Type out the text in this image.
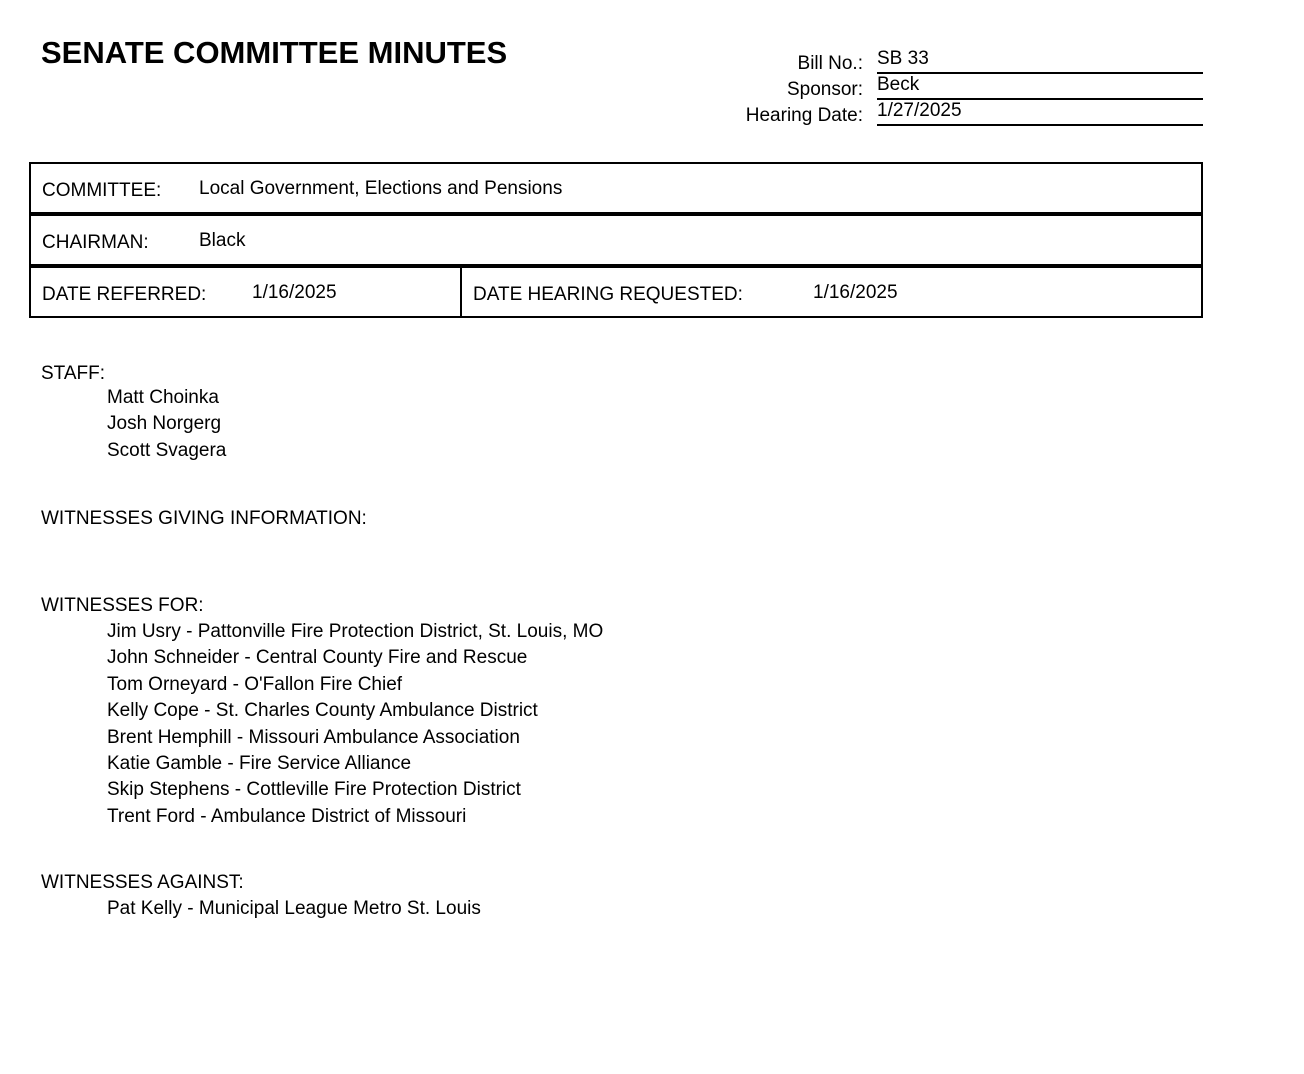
SENATE COMMITTEE MINUTES	Bill No.: SB 33
Sponsor: Beck
Hearing Date: 1/27/2025
COMMITTEE: Local Government, Elections and Pensions
CHAIRMAN:	Black
DATE REFERRED: 1/16/2025	DATE HEARING REQUESTED:	1/16/2025
STAFF:
Matt Choinka
Josh Norgerg
Scott Svagera
WITNESSES GIVING INFORMATION:
WITNESSES FOR:
Jim Usry - Pattonville Fire Protection District, St. Louis, MO
John Schneider - Central County Fire and Rescue
Tom Orneyard - O'Fallon Fire Chief
Kelly Cope - St. Charles County Ambulance District
Brent Hemphill - Missouri Ambulance Association
Katie Gamble - Fire Service Alliance
Skip Stephens - Cottleville Fire Protection District
Trent Ford - Ambulance District of Missouri
WITNESSES AGAINST:
Pat Kelly - Municipal League Metro St. Louis
